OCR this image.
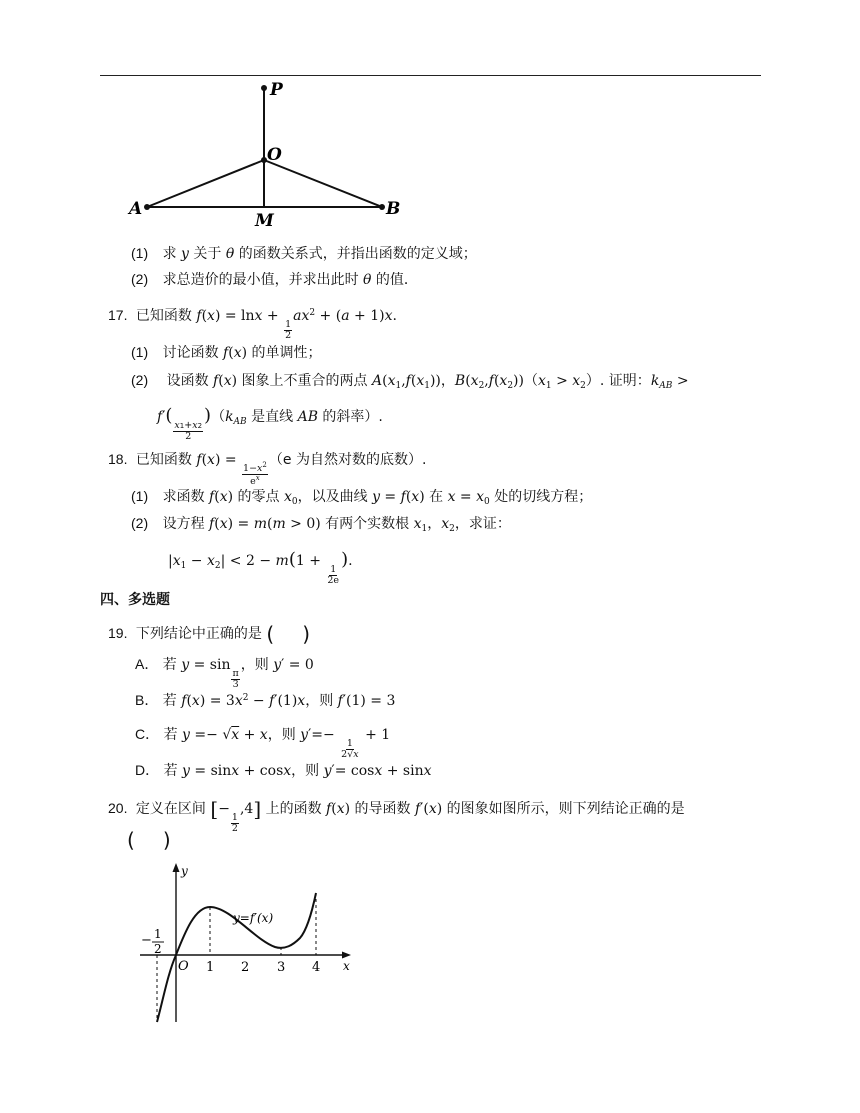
P
O
A	B
M
(1) 求 y 关于 θ 的函数关系式，并指出函数的定义域；
(2) 求总造价的最小值，并求出此时 θ 的值．
17. 已知函数 f(x) = lnx +
$\frac{1}{2}$
$ax^2 + (a + 1)x$.
(1) 讨论函数 f(x) 的单调性；
(2) 设函数 f(x) 图象上不重合的两点 $A(x_1,f(x_1))$，$B(x_2,f(x_2))(x_1 > x_2)$. 证明：$k_{AB}$ >
f′(
$\frac{x1+x2}{2}$
)（$k_{AB}$ 是直线 AB 的斜率）.
18. 已知函数 f(x) =
$\frac{1-x^2}{e^x}$
（e 为自然对数的底数）.
(1) 求函数 f(x) 的零点 $x_0$，以及曲线 y = f(x) 在 $x = x_0$ 处的切线方程；
(2) 设方程 f(x) = m(m > 0) 有两个实数根 $x_1$，$x_2$，求证：
$|x_1 - x_2| < 2 - m(1$ +
$\frac{1}{2e}$
).
四、多选题
19. 下列结论中正确的是 ( )
A． 若 y = sin
$\frac{\pi}{3}$
，则 y′ = 0
B． 若 $f(x) = 3x^2 - f'(1)x$，则 f′(1) = 3
C． 若 y =− √x + x，则 y′=−
$\frac{1}{2√x}$
+ 1
D． 若 y = sinx + cosx，则 y′= cosx + sinx
20. 定义在区间 [−
$\frac{1}{2}$
,4] 上的函数 f(x) 的导函数 f′(x) 的图象如图所示，则下列结论正确的是
( )
y=f′(x)
y
x
O 1 2 3 4
− 1
2
